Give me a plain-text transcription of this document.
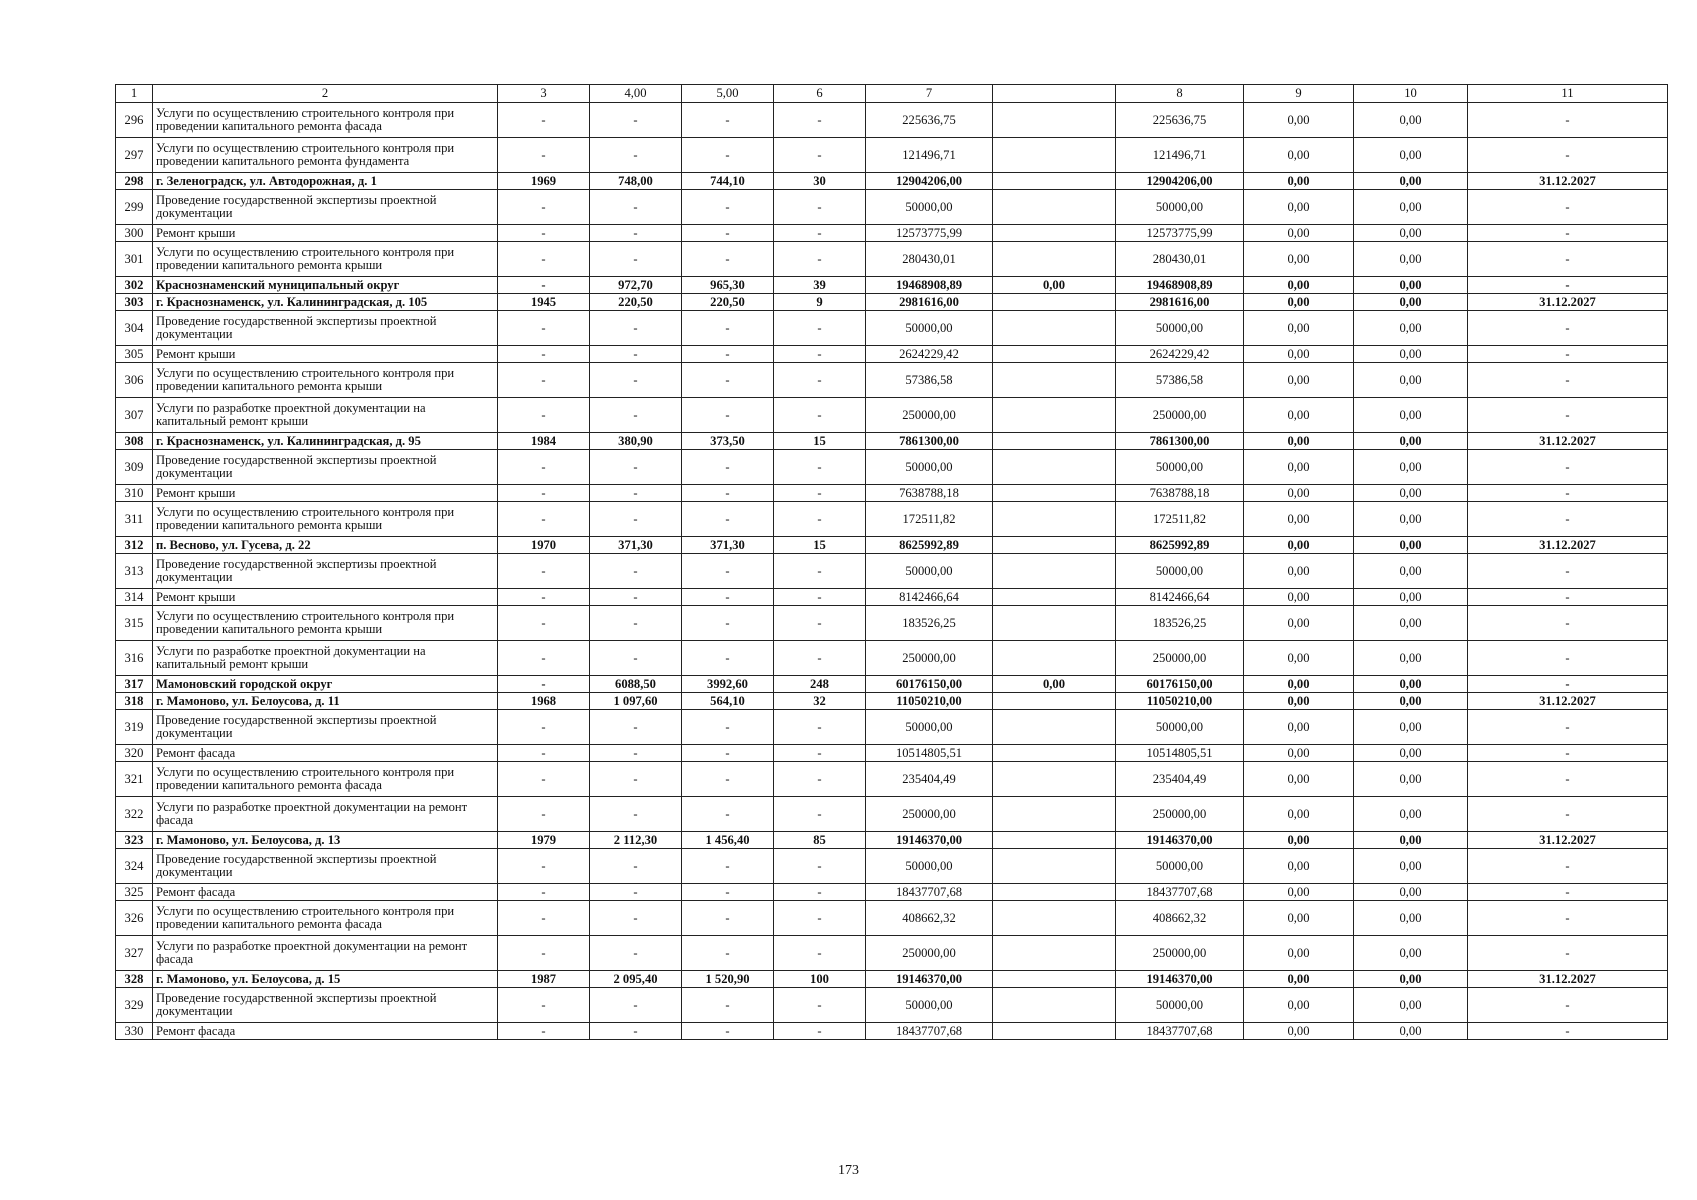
1	2	3	4,00	5,00	6	7		8	9	10	11
296	Услуги по осуществлению строительного контроля при проведении капитального ремонта фасада	-	-	-	-	225636,75		225636,75	0,00	0,00	-
297	Услуги по осуществлению строительного контроля при проведении капитального ремонта фундамента	-	-	-	-	121496,71		121496,71	0,00	0,00	-
298	г. Зеленоградск, ул. Автодорожная, д. 1	1969	748,00	744,10	30	12904206,00		12904206,00	0,00	0,00	31.12.2027
299	Проведение государственной экспертизы проектной документации	-	-	-	-	50000,00		50000,00	0,00	0,00	-
300	Ремонт крыши	-	-	-	-	12573775,99		12573775,99	0,00	0,00	-
301	Услуги по осуществлению строительного контроля при проведении капитального ремонта крыши	-	-	-	-	280430,01		280430,01	0,00	0,00	-
302	Краснознаменский муниципальный округ	-	972,70	965,30	39	19468908,89	0,00	19468908,89	0,00	0,00	-
303	г. Краснознаменск, ул. Калининградская, д. 105	1945	220,50	220,50	9	2981616,00		2981616,00	0,00	0,00	31.12.2027
304	Проведение государственной экспертизы проектной документации	-	-	-	-	50000,00		50000,00	0,00	0,00	-
305	Ремонт крыши	-	-	-	-	2624229,42		2624229,42	0,00	0,00	-
306	Услуги по осуществлению строительного контроля при проведении капитального ремонта крыши	-	-	-	-	57386,58		57386,58	0,00	0,00	-
307	Услуги по разработке проектной документации на капитальный ремонт крыши	-	-	-	-	250000,00		250000,00	0,00	0,00	-
308	г. Краснознаменск, ул. Калининградская, д. 95	1984	380,90	373,50	15	7861300,00		7861300,00	0,00	0,00	31.12.2027
309	Проведение государственной экспертизы проектной документации	-	-	-	-	50000,00		50000,00	0,00	0,00	-
310	Ремонт крыши	-	-	-	-	7638788,18		7638788,18	0,00	0,00	-
311	Услуги по осуществлению строительного контроля при проведении капитального ремонта крыши	-	-	-	-	172511,82		172511,82	0,00	0,00	-
312	п. Весново, ул. Гусева, д. 22	1970	371,30	371,30	15	8625992,89		8625992,89	0,00	0,00	31.12.2027
313	Проведение государственной экспертизы проектной документации	-	-	-	-	50000,00		50000,00	0,00	0,00	-
314	Ремонт крыши	-	-	-	-	8142466,64		8142466,64	0,00	0,00	-
315	Услуги по осуществлению строительного контроля при проведении капитального ремонта крыши	-	-	-	-	183526,25		183526,25	0,00	0,00	-
316	Услуги по разработке проектной документации на капитальный ремонт крыши	-	-	-	-	250000,00		250000,00	0,00	0,00	-
317	Мамоновский городской округ	-	6088,50	3992,60	248	60176150,00	0,00	60176150,00	0,00	0,00	-
318	г. Мамоново, ул. Белоусова, д. 11	1968	1 097,60	564,10	32	11050210,00		11050210,00	0,00	0,00	31.12.2027
319	Проведение государственной экспертизы проектной документации	-	-	-	-	50000,00		50000,00	0,00	0,00	-
320	Ремонт фасада	-	-	-	-	10514805,51		10514805,51	0,00	0,00	-
321	Услуги по осуществлению строительного контроля при проведении капитального ремонта фасада	-	-	-	-	235404,49		235404,49	0,00	0,00	-
322	Услуги по разработке проектной документации на ремонт фасада	-	-	-	-	250000,00		250000,00	0,00	0,00	-
323	г. Мамоново, ул. Белоусова, д. 13	1979	2 112,30	1 456,40	85	19146370,00		19146370,00	0,00	0,00	31.12.2027
324	Проведение государственной экспертизы проектной документации	-	-	-	-	50000,00		50000,00	0,00	0,00	-
325	Ремонт фасада	-	-	-	-	18437707,68		18437707,68	0,00	0,00	-
326	Услуги по осуществлению строительного контроля при проведении капитального ремонта фасада	-	-	-	-	408662,32		408662,32	0,00	0,00	-
327	Услуги по разработке проектной документации на ремонт фасада	-	-	-	-	250000,00		250000,00	0,00	0,00	-
328	г. Мамоново, ул. Белоусова, д. 15	1987	2 095,40	1 520,90	100	19146370,00		19146370,00	0,00	0,00	31.12.2027
329	Проведение государственной экспертизы проектной документации	-	-	-	-	50000,00		50000,00	0,00	0,00	-
330	Ремонт фасада	-	-	-	-	18437707,68		18437707,68	0,00	0,00	-
173
